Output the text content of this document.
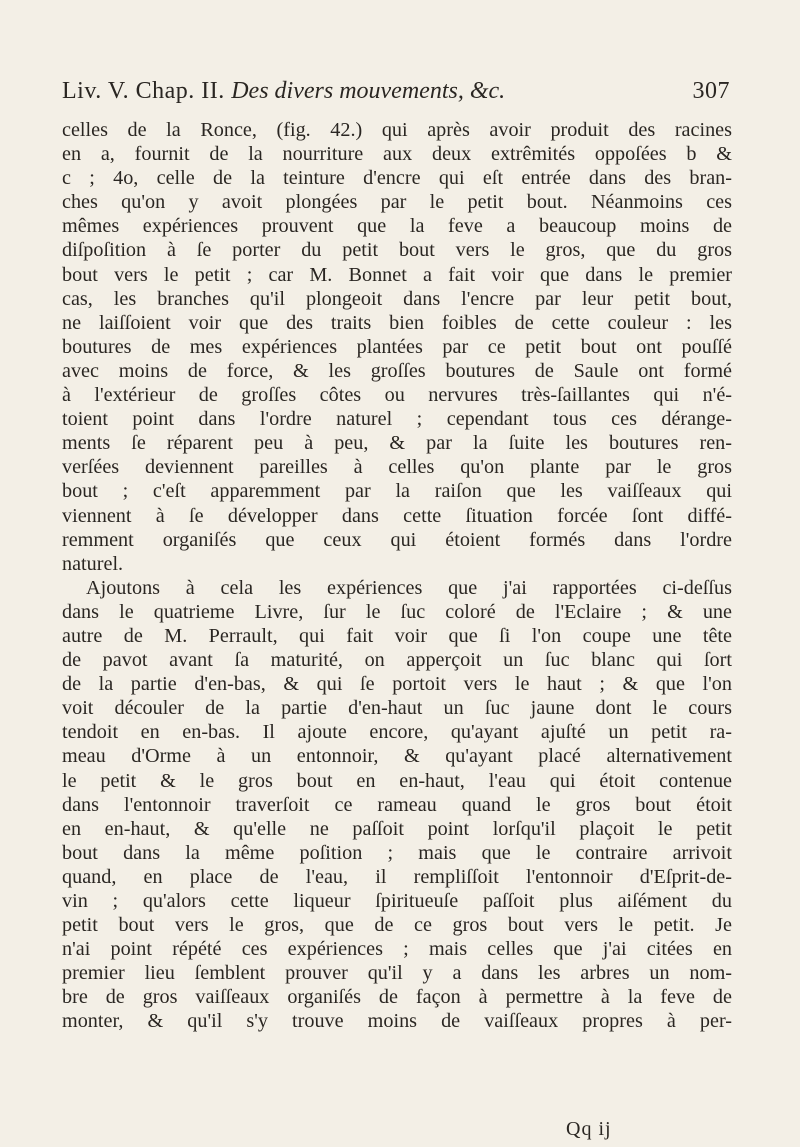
Liv. V. Chap. II. Des divers mouvements, &c.	307
celles de la Ronce, (fig. 42.) qui après avoir produit des racines
en a, fournit de la nourriture aux deux extrêmités oppoſées b &
c ; 4o, celle de la teinture d'encre qui eſt entrée dans des bran-
ches qu'on y avoit plongées par le petit bout. Néanmoins ces
mêmes expériences prouvent que la feve a beaucoup moins de
diſpoſition à ſe porter du petit bout vers le gros, que du gros
bout vers le petit ; car M. Bonnet a fait voir que dans le premier
cas, les branches qu'il plongeoit dans l'encre par leur petit bout,
ne laiſſoient voir que des traits bien foibles de cette couleur : les
boutures de mes expériences plantées par ce petit bout ont pouſſé
avec moins de force, & les groſſes boutures de Saule ont formé
à l'extérieur de groſſes côtes ou nervures très-ſaillantes qui n'é-
toient point dans l'ordre naturel ; cependant tous ces dérange-
ments ſe réparent peu à peu, & par la ſuite les boutures ren-
verſées deviennent pareilles à celles qu'on plante par le gros
bout ; c'eſt apparemment par la raiſon que les vaiſſeaux qui
viennent à ſe développer dans cette ſituation forcée ſont diffé-
remment organiſés que ceux qui étoient formés dans l'ordre
naturel.
Ajoutons à cela les expériences que j'ai rapportées ci-deſſus
dans le quatrieme Livre, ſur le ſuc coloré de l'Eclaire ; & une
autre de M. Perrault, qui fait voir que ſi l'on coupe une tête
de pavot avant ſa maturité, on apperçoit un ſuc blanc qui ſort
de la partie d'en-bas, & qui ſe portoit vers le haut ; & que l'on
voit découler de la partie d'en-haut un ſuc jaune dont le cours
tendoit en en-bas. Il ajoute encore, qu'ayant ajuſté un petit ra-
meau d'Orme à un entonnoir, & qu'ayant placé alternativement
le petit & le gros bout en en-haut, l'eau qui étoit contenue
dans l'entonnoir traverſoit ce rameau quand le gros bout étoit
en en-haut, & qu'elle ne paſſoit point lorſqu'il plaçoit le petit
bout dans la même poſition ; mais que le contraire arrivoit
quand, en place de l'eau, il rempliſſoit l'entonnoir d'Eſprit-de-
vin ; qu'alors cette liqueur ſpiritueuſe paſſoit plus aiſément du
petit bout vers le gros, que de ce gros bout vers le petit. Je
n'ai point répété ces expériences ; mais celles que j'ai citées en
premier lieu ſemblent prouver qu'il y a dans les arbres un nom-
bre de gros vaiſſeaux organiſés de façon à permettre à la feve de
monter, & qu'il s'y trouve moins de vaiſſeaux propres à per-
Qq ij
